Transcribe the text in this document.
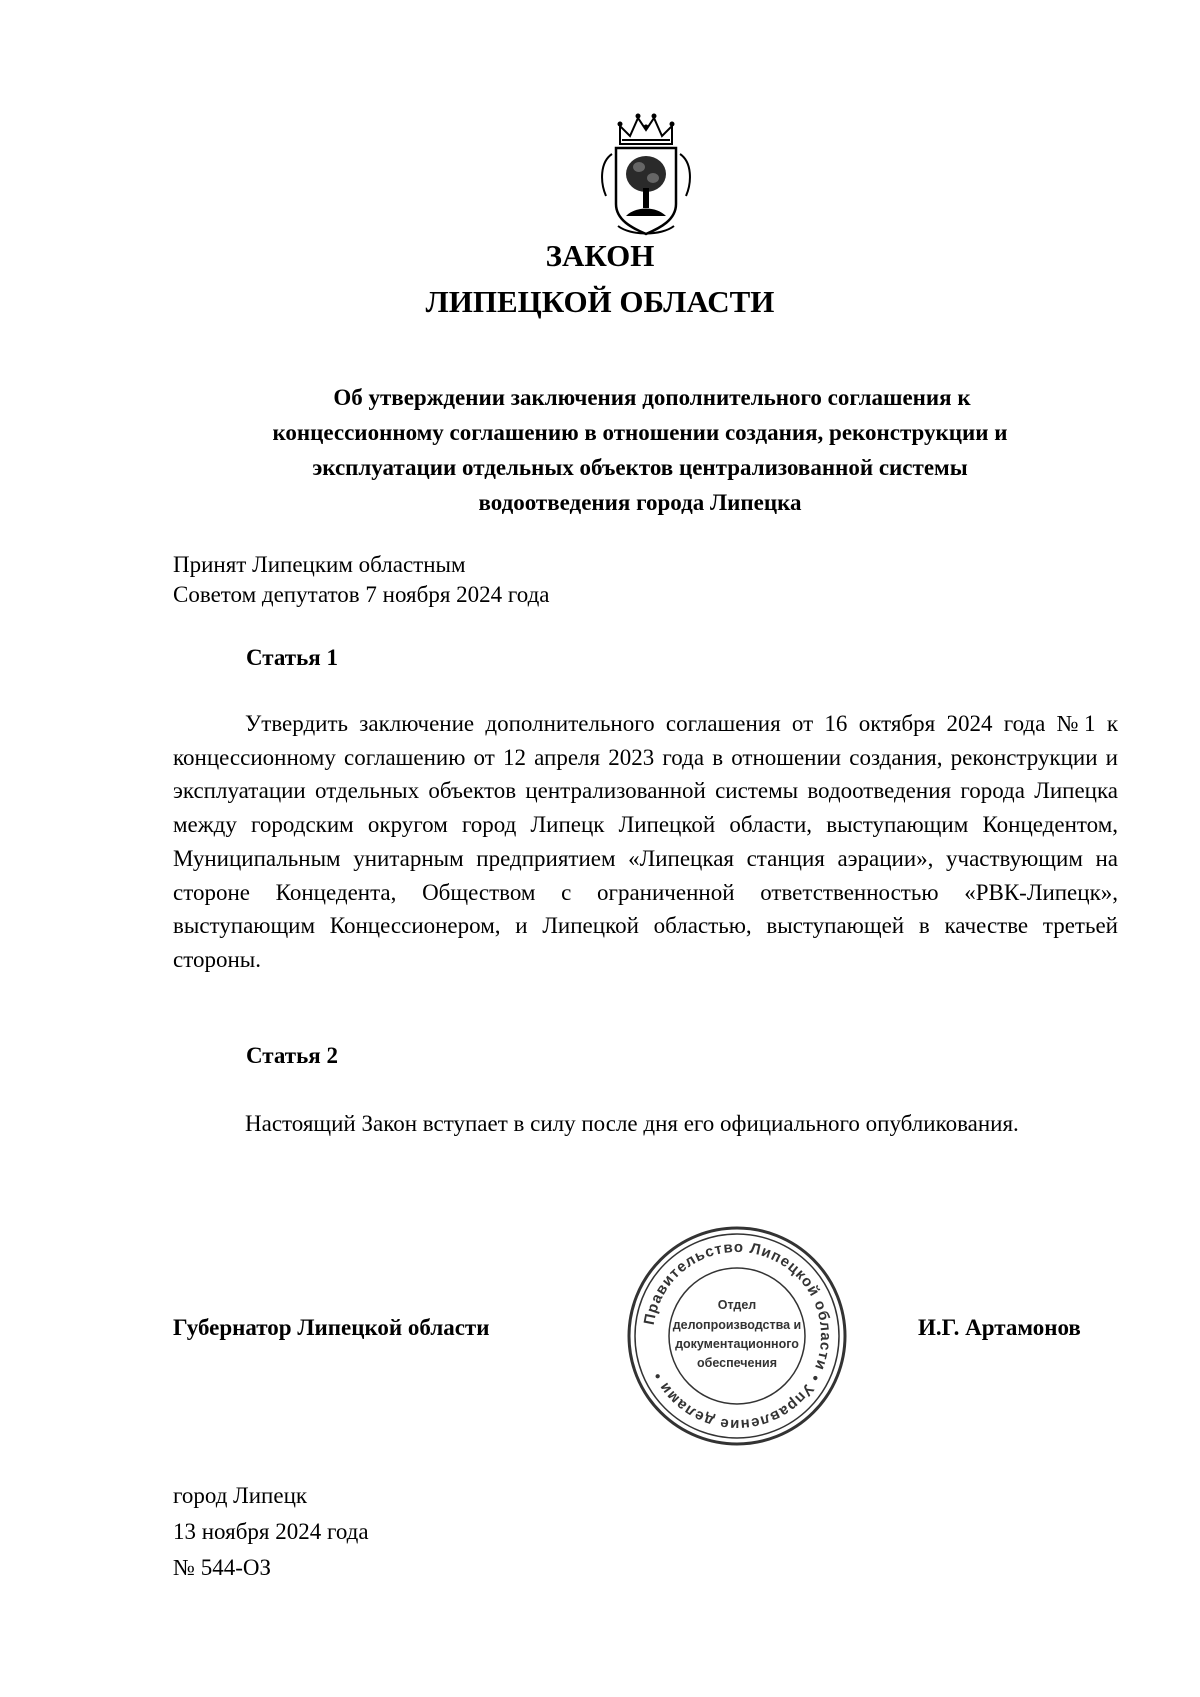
ЗАКОН
ЛИПЕЦКОЙ ОБЛАСТИ
Об утверждении заключения дополнительного соглашения к
концессионному соглашению в отношении создания, реконструкции и
эксплуатации отдельных объектов централизованной системы
водоотведения города Липецка
Принят Липецким областным
Советом депутатов 7 ноября 2024 года
Статья 1
Утвердить заключение дополнительного соглашения от 16 октября 2024 года №1 к концессионному соглашению от 12 апреля 2023 года в отношении создания, реконструкции и эксплуатации отдельных объектов централизованной системы водоотведения города Липецка между городским округом город Липецк Липецкой области, выступающим Концедентом, Муниципальным унитарным предприятием «Липецкая станция аэрации», участвующим на стороне Концедента, Обществом с ограниченной ответственностью «РВК-Липецк», выступающим Концессионером, и Липецкой областью, выступающей в качестве третьей стороны.
Статья 2
Настоящий Закон вступает в силу после дня его официального опубликования.
Губернатор Липецкой области	И.Г. Артамонов
Правительство Липецкой области • Управление делами •
Отдел
делопроизводства и
документационного
обеспечения
город Липецк
13 ноября 2024 года
№ 544-ОЗ
